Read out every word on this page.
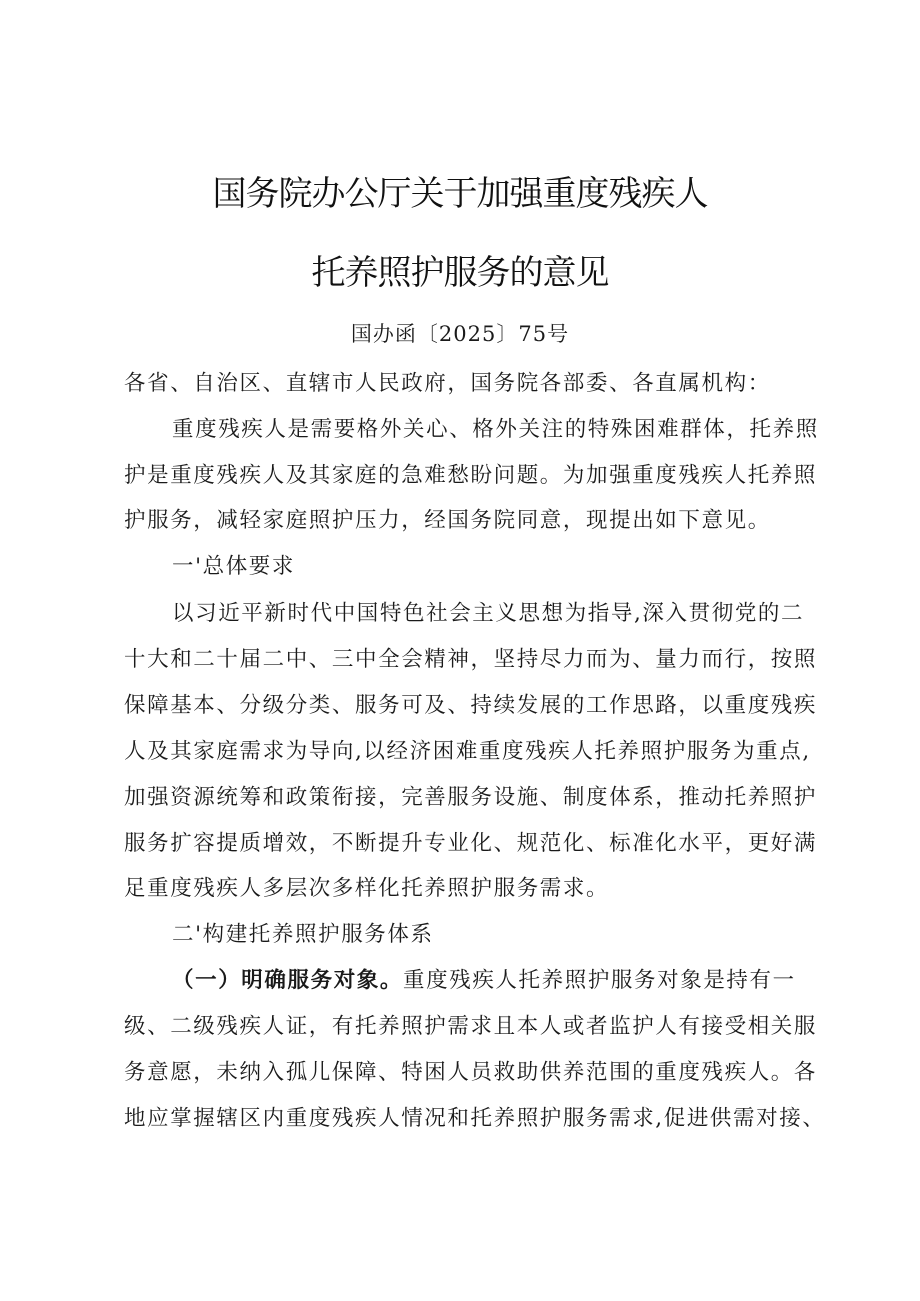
国务院办公厅关于加强重度残疾人
托养照护服务的意见
国办函〔2025〕75号
各省、自治区、直辖市人民政府，国务院各部委、各直属机构：
重度残疾人是需要格外关心、格外关注的特殊困难群体，托养照
护是重度残疾人及其家庭的急难愁盼问题。为加强重度残疾人托养照
护服务，减轻家庭照护压力，经国务院同意，现提出如下意见。
一'总体要求
以习近平新时代中国特色社会主义思想为指导,深入贯彻党的二
十大和二十届二中、三中全会精神，坚持尽力而为、量力而行，按照
保障基本、分级分类、服务可及、持续发展的工作思路，以重度残疾
人及其家庭需求为导向,以经济困难重度残疾人托养照护服务为重点,
加强资源统筹和政策衔接，完善服务设施、制度体系，推动托养照护
服务扩容提质增效，不断提升专业化、规范化、标准化水平，更好满
足重度残疾人多层次多样化托养照护服务需求。
二'构建托养照护服务体系
（一）明确服务对象。重度残疾人托养照护服务对象是持有一
级、二级残疾人证，有托养照护需求且本人或者监护人有接受相关服
务意愿，未纳入孤儿保障、特困人员救助供养范围的重度残疾人。各
地应掌握辖区内重度残疾人情况和托养照护服务需求,促进供需对接、
